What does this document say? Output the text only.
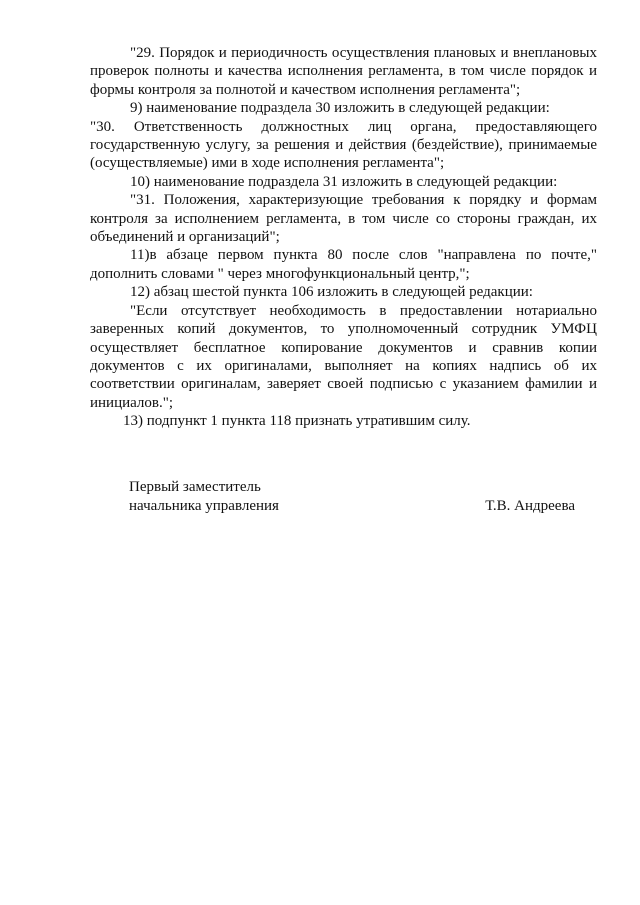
"29. Порядок и периодичность осуществления плановых и внеплановых проверок полноты и качества исполнения регламента, в том числе порядок и формы контроля за полнотой и качеством исполнения регламента";

9) наименование подраздела 30 изложить в следующей редакции:

"30. Ответственность должностных лиц органа, предоставляющего государственную услугу, за решения и действия (бездействие), принимаемые (осуществляемые) ими в ходе исполнения регламента";

10) наименование подраздела 31 изложить в следующей редакции:

"31. Положения, характеризующие требования к порядку и формам контроля за исполнением регламента, в том числе со стороны граждан, их объединений и организаций";

11)в абзаце первом пункта 80 после слов "направлена по почте," дополнить словами " через многофункциональный центр,";

12) абзац шестой пункта 106 изложить в следующей редакции:

"Если отсутствует необходимость в предоставлении нотариально заверенных копий документов, то уполномоченный сотрудник УМФЦ осуществляет бесплатное копирование документов и сравнив копии документов с их оригиналами, выполняет на копиях надпись об их соответствии оригиналам, заверяет своей подписью с указанием фамилии и инициалов.";

13) подпункт 1 пункта 118 признать утратившим силу.

Первый заместитель
начальника управления	Т.В. Андреева
